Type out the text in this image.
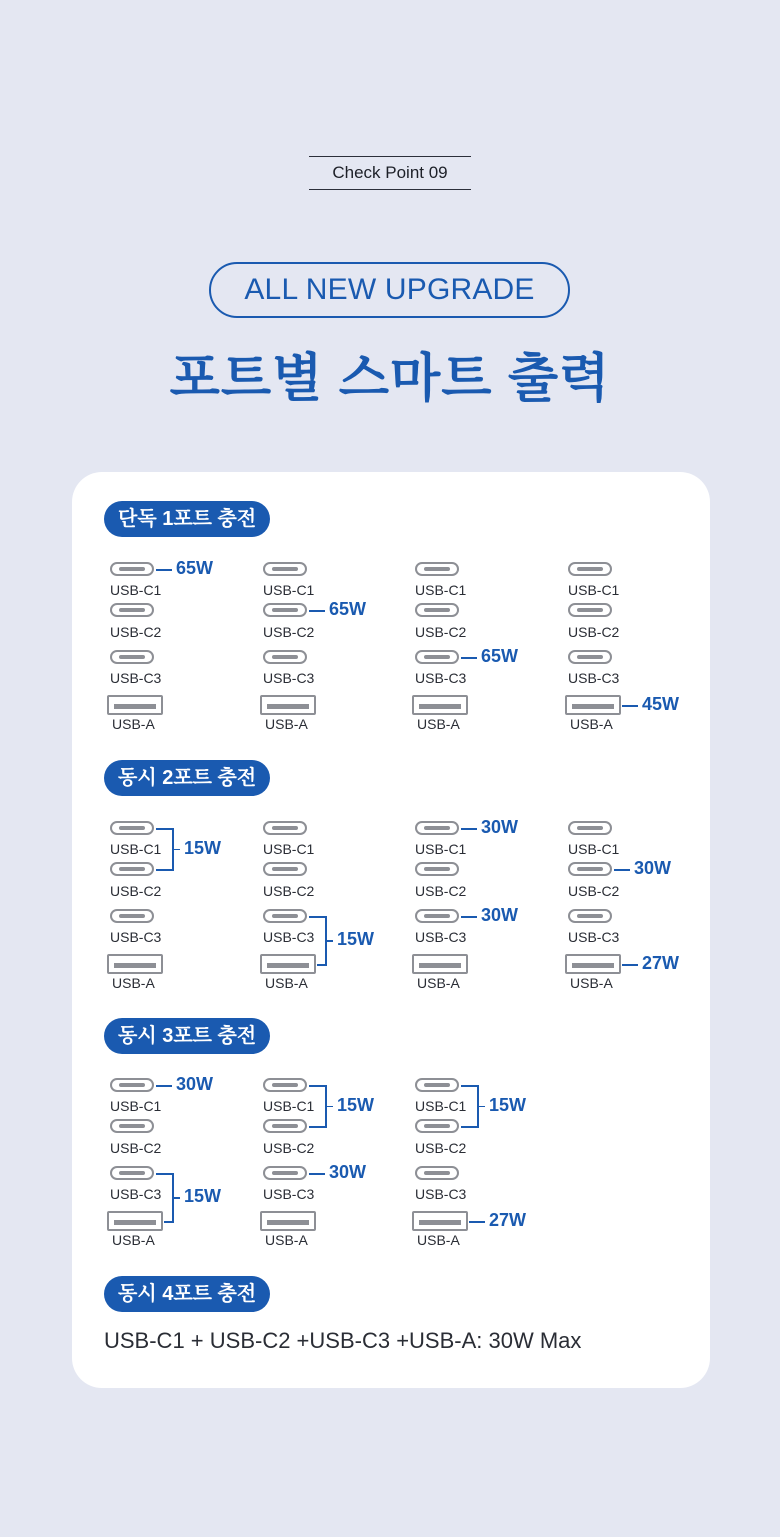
Check Point 09
ALL NEW UPGRADE
포트별 스마트 출력
단독 1포트 충전
USB-C1
USB-C2
USB-C3
USB-A
65W
USB-C1
USB-C2
USB-C3
USB-A
65W
USB-C1
USB-C2
USB-C3
USB-A
65W
USB-C1
USB-C2
USB-C3
USB-A
45W
동시 2포트 충전
USB-C1
USB-C2
USB-C3
USB-A
15W	USB-C1
USB-C2
USB-C3
USB-A
15W
USB-C1
USB-C2
USB-C3
USB-A
30W
30W
USB-C1
USB-C2
USB-C3
USB-A
30W
27W
동시 3포트 충전
USB-C1
USB-C2
USB-C3
USB-A
30W
15W
USB-C1
USB-C2
USB-C3
USB-A
15W
30W
USB-C1
USB-C2
USB-C3
USB-A
15W
27W
동시 4포트 충전
USB-C1 + USB-C2 +USB-C3 +USB-A: 30W Max
